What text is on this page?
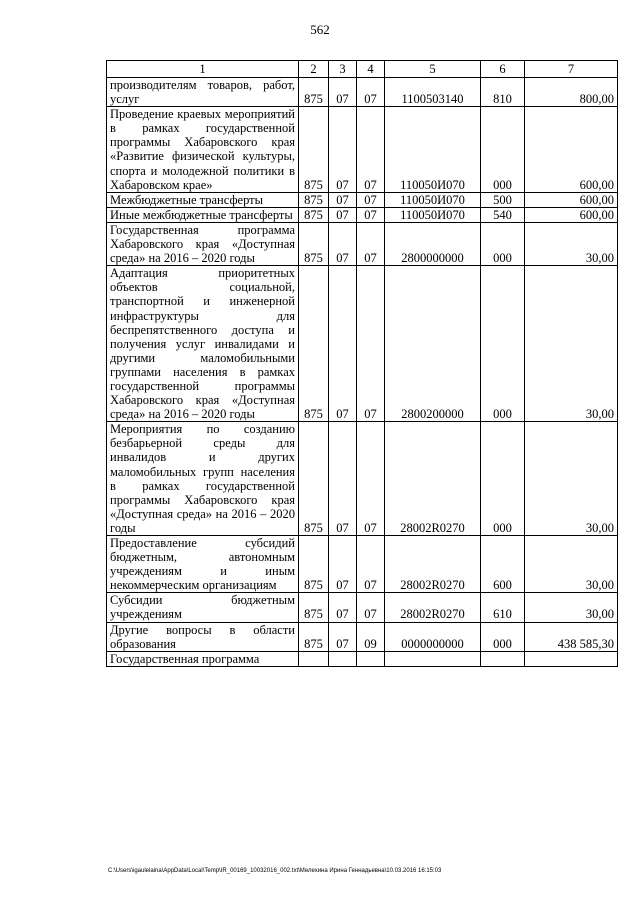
562
1	2	3	4	5	6	7
производителям товаров, работ, услуг	875	07	07	1100503140	810	800,00
Проведение краевых мероприятий в рамках государственной программы Хабаровского края «Развитие физической культуры, спорта и молодежной политики в Хабаровском крае»	875	07	07	110050И070	000	600,00
Межбюджетные трансферты	875	07	07	110050И070	500	600,00
Иные межбюджетные трансферты	875	07	07	110050И070	540	600,00
Государственная программа Хабаровского края «Доступная среда» на 2016 – 2020 годы	875	07	07	2800000000	000	30,00
Адаптация приоритетных объектов социальной, транспортной и инженерной инфраструктуры для беспрепятственного доступа и получения услуг инвалидами и другими маломобильными группами населения в рамках государственной программы Хабаровского края «Доступная среда» на 2016 – 2020 годы	875	07	07	2800200000	000	30,00
Мероприятия по созданию безбарьерной среды для инвалидов и других маломобильных групп населения в рамках государственной программы Хабаровского края «Доступная среда» на 2016 – 2020 годы	875	07	07	28002R0270	000	30,00
Предоставление субсидий бюджетным, автономным учреждениям и иным некоммерческим организациям	875	07	07	28002R0270	600	30,00
Субсидии бюджетным учреждениям	875	07	07	28002R0270	610	30,00
Другие вопросы в области образования	875	07	09	0000000000	000	438 585,30
Государственная программа						
C:\Users\igaulelaina\AppData\Local\Temp\IR_00169_10032016_002.txt\Мелехина Ирина Геннадьевна\10.03.2016 16:15:03
